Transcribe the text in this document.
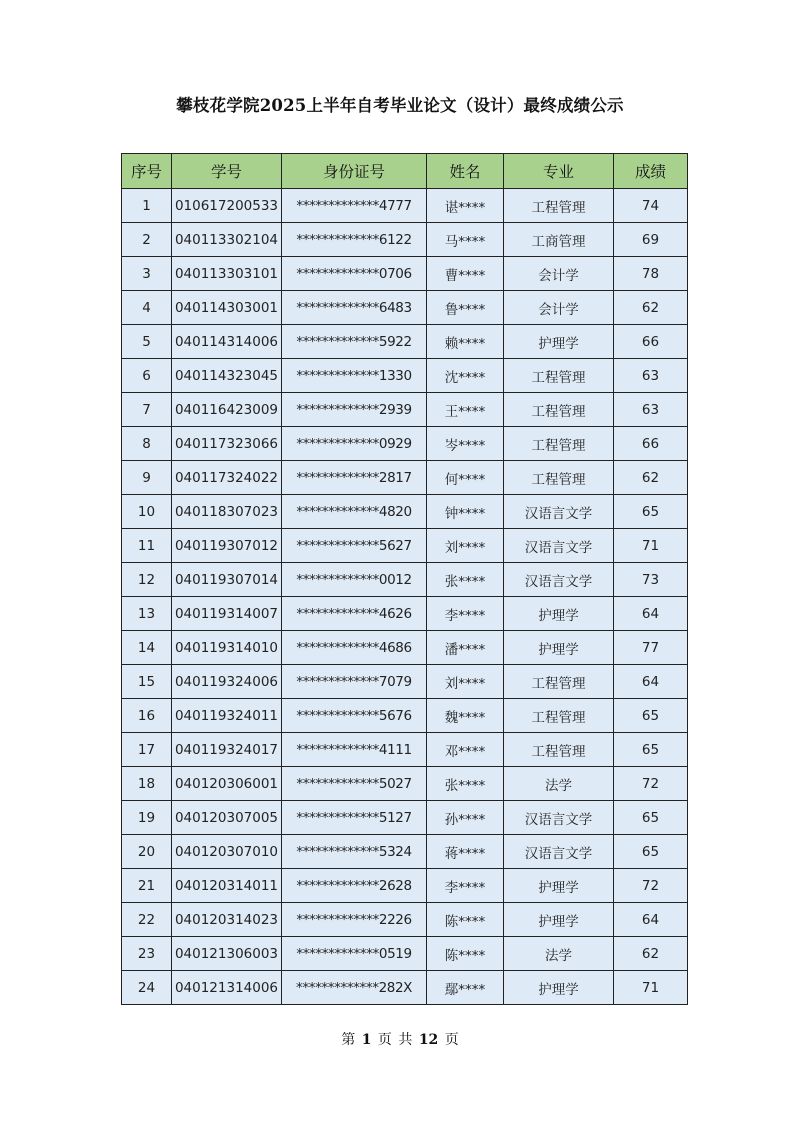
攀枝花学院2025上半年自考毕业论文（设计）最终成绩公示
序号	学号	身份证号	姓名	专业	成绩
1	010617200533	*************4777	谌****	工程管理	74
2	040113302104	*************6122	马****	工商管理	69
3	040113303101	*************0706	曹****	会计学	78
4	040114303001	*************6483	鲁****	会计学	62
5	040114314006	*************5922	赖****	护理学	66
6	040114323045	*************1330	沈****	工程管理	63
7	040116423009	*************2939	王****	工程管理	63
8	040117323066	*************0929	岑****	工程管理	66
9	040117324022	*************2817	何****	工程管理	62
10	040118307023	*************4820	钟****	汉语言文学	65
11	040119307012	*************5627	刘****	汉语言文学	71
12	040119307014	*************0012	张****	汉语言文学	73
13	040119314007	*************4626	李****	护理学	64
14	040119314010	*************4686	潘****	护理学	77
15	040119324006	*************7079	刘****	工程管理	64
16	040119324011	*************5676	魏****	工程管理	65
17	040119324017	*************4111	邓****	工程管理	65
18	040120306001	*************5027	张****	法学	72
19	040120307005	*************5127	孙****	汉语言文学	65
20	040120307010	*************5324	蒋****	汉语言文学	65
21	040120314011	*************2628	李****	护理学	72
22	040120314023	*************2226	陈****	护理学	64
23	040121306003	*************0519	陈****	法学	62
24	040121314006	*************282X	鄢****	护理学	71
第 1 页 共 12 页
